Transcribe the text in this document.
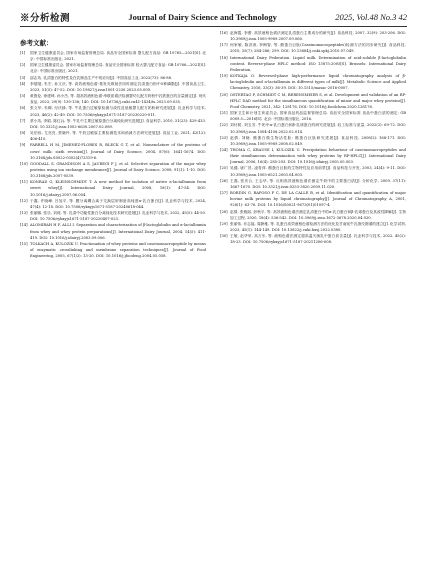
※分析检测	Journal of Dairy Science and Technology	2025, Vol.48 No.3 42
参考文献：
[1]	国家卫生健康委员会, 国家市场监督管理总局. 食品安全国家标准 婴儿配方食品: GB 10765—2021[S]. 北京: 中国标准出版社, 2021.
[2]	国家卫生健康委员会, 国家市场监督管理总局. 食品安全国家标准 较大婴儿配方食品: GB 10766—2021[S]. 北京: 中国标准出版社, 2021.
[3]	邵志英. 乳清蛋白的特性及在乳制品生产中的应用[J]. 中国食品工业, 2022(73): 86-88.
[4]	李德展, 朱宏, 孙文庆, 等. 高效液相色谱-基发光散射法同时测定乳清蛋白粉中5种磷脂[J]. 中国食品卫生, 2023, 51(5): 47-52. DOI: 10.19827/j.issn1001-2230.2023.05.009.
[5]	黄胜伦, 徐建坤, 孙小杰, 等. 超高效液相色谱-串联质谱法检测婴幼儿配方奶粉中乳铁蛋白的含量测定[J]. 现代食品, 2023, 29(9): 130-136; 140. DOI: 10.16736/j.cnki.cn41-1434/ts.2023.09.035.
[6]	张文华, 朱卿, 付庆蜂, 等. 牛乳蛋白过敏原检测与改性及低敏婴儿配方奶粉研究进展[J]. 乳业科学与技术, 2023, 46(2): 42-49. DOI: 10.7506/rykxyjs1671-5187-20230220-011.
[7]	蔡小英, 李娟, 陈红兵, 等. 牛乳中主要过敏原蛋白分离纯化研究进展[J]. 食品科学, 2010, 31(23): 429-433. DOI: 10.3321/j.issn:1002-6630.2007.02.089.
[8]	吴伯伟, 尤亮亮, 贾晓玲, 等. 牛奶过敏原主要检测技术和消减方法研究进展[J]. 食品工业, 2021, 42(12): 406-410.
[9]	FARRELL H M, JIMENEZ-FLORES R, BLECK G T, et al. Nomenclature of the proteins of cows' milk: sixth revision[J]. Journal of Dairy Science, 2004, 87(6): 1641-1674. DOI: 10.3168/jds.S0022-0302(4)73319-6.
[10] GOODALL S, GRANDISON A S, JAUREGI P J, et al. Selective separation of the major whey proteins using ion exchange membranes[J]. Journal of Dairy Science, 2008, 91(1): 1-10. DOI: 10.3168/jds.2007-0539.
[11] KONRAD G, KLEINSCHMIDT T. A new method for isolation of native α-lactalbumin from sweet whey[J]. International Dairy Journal, 2008, 18(1): 47-54. DOI: 10.1016/j.idairyj.2007.06.004.
[12] 于鑫, 许晓峰, 吕加平, 等. 膜分离耦合离子交换层析制备高纯度α-乳白蛋白[J]. 乳业科学与技术, 2024, 47(4): 12-18. DOI: 10.7506/rykxyjs1671-5187-20240618-044.
[13] 张丽娜, 张乐, 刘莉, 等. 乳清中功能性蛋白分离纯化技术研究进展[J]. 乳业科学与技术, 2022, 45(5): 44-50. DOI: 10.7506/rykxyjs1671-5187-20220407-023.
[14] ALOMIRAH H F, ALLI I. Separation and characterization of β-lactoglobulin and α-lactalbumin from whey and whey protein preparations[J]. International Dairy Journal, 2004, 14(5): 411-419. DOI: 10.1016/j.idairyj.2003.09.006.
[15] TOLKACH A, KULOZIK U. Fractionation of whey proteins and caseinomacropeptide by means of enzymatic crosslinking and membrane separation techniques[J]. Journal of Food Engineering, 2005, 67(1/2): 13-20. DOI: 10.1016/j.jfoodeng.2004.05.058.
[16] 赵海霞, 李蕾. 高效液相色谱法测定乳清蛋白主要成分的研究[J]. 食品科技, 2007, 32(9): 203-206. DOI: 10.3969/j.issn.1005-9989.2007.09.060.
[17] 何家敏, 陈洪涛, 李梅智, 等. 酪蛋白巨肽(Caseinomacropeptides)检测方法的初步研究[J]. 食品科技, 2010, 35(7): 284-286; 299. DOI: 10.13684/j.cnki.spkj.2010.07.049.
[18] International Dairy Federation. Liquid milk. Determination of acid-soluble β-lactoglobulin content. Reverse-phase HPLC method: ISO 13875:2005[S]. Brussels: International Dairy Federation.
[19] KOTKAJA O. Reversed-phase high-performance liquid chromatography analysis of β-lactoglobulin and α-lactalbumin in different types of milk[J]. Metabolic Science and Applied Chemistry, 2016, 33(3): 36-39. DOI: 10.1515/masac-2016-0007.
[20] OSTERTAG F, SCHMIDT C M, BERENSMEIER S, et al. Development and validation of an RP-HPLC DAD method for the simultaneous quantification of minor and major whey proteins[J]. Food Chemistry, 2021, 342: 128176. DOI: 10.1016/j.foodchem.2020.128176.
[21] 国家卫生和计划生育委员会, 国家食品药品监督管理总局. 食品安全国家标准 食品中蛋白质的测定: GB 5009.5—2016[S]. 北京: 中国标准出版社, 2016.
[22] 刘付树, 刘玉芳. 牛奶中α-乳白蛋白和β-乳球蛋白的研究进展[J]. 轻工标准与质量, 2022(2): 69-72. DOI: 10.3969/j.issn.1004-4108.2022.02.014.
[23] 赵倩, 刘晓. 酪蛋白微生物活性肽: 酪蛋白巨肽研究进展[J]. 食品科技, 2008(2): 168-171. DOI: 10.3969/j.issn.1005-9989.2008.02.049.
[24] THOMA C, KRAUSE I, KULOZIK U. Precipitation behaviour of caseinomacropeptides and their simultaneous determination with whey proteins by RP-HPLC[J]. International Dairy Journal, 2006, 16(4): 285-293. DOI: 10.1016/j.idairyj.2005.05.003.
[25] 吴健, 唐广昌, 凌青萍. 酪蛋白巨肽的生物特性及应用前景[J]. 食品科技与开发, 2003, 24(4): 9-11. DOI: 10.3969/j.issn.1005-6521.2003.04.003.
[26] 王磊, 张庆合, 王志华, 等. 反相高效液相色谱法测定牛奶中的主要蛋白质[J]. 分析化学, 2009, 37(11): 1667-1670. DOI: 10.3321/j.issn:0253-3820.2009.11.020.
[27] BORDIN G, RAPOSO F C, DE LA CALLE B, et al. Identification and quantification of major bovine milk proteins by liquid chromatography[J]. Journal of Chromatography A, 2001, 928(1): 63-76. DOI: 10.1016/S0021-9673(01)01097-4.
[28] 赵倩, 张雅丽, 彭秋平, 等. 高效液相色谱法测定乳清蛋白中的α-乳白蛋白和β-乳球蛋白及其改性降解[J]. 生物加工过程, 2020, 18(4): 536-542. DOI: 10.3969/j.issn.1672-3678.2020.04.020.
[29] 张丽伟, 乔志福, 周静雅, 等. 乳蛋白高效液相色谱检测方法的优化及甘南牦牛乳指纹图谱的建立[J]. 化学试剂, 2023, 45(1): 144-149. DOI: 10.13822/j.cnki.hxsj.2022.0380.
[30] 王敏, 赵华荣, 高万东, 等. 液相色谱法测定超高温灭菌乳中蛋白质含量[J]. 乳业科学与技术, 2022, 45(2): 18-23. DOI: 10.7506/rykxyjs1671-5187-20211206-008.
